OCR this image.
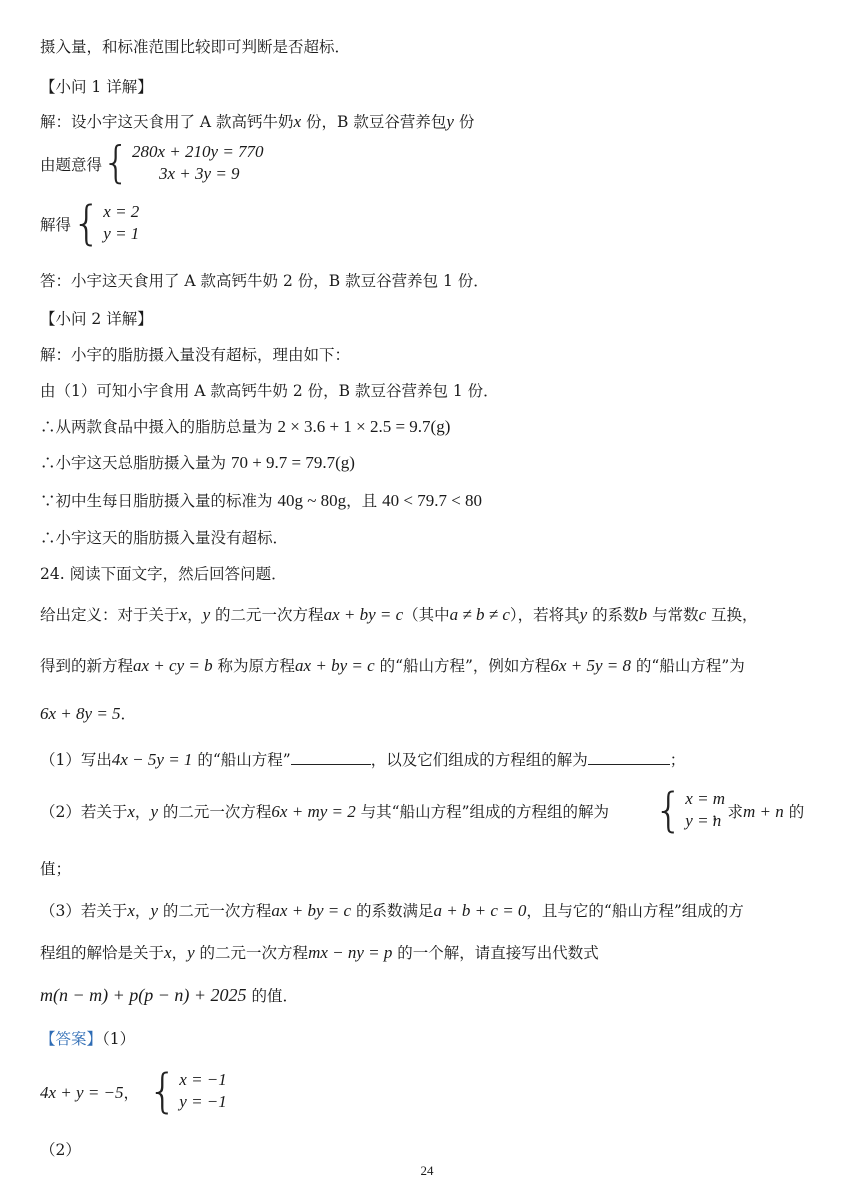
摄入量，和标准范围比较即可判断是否超标．
【小问 1 详解】
解：设小宇这天食用了 A 款高钙牛奶x 份，B 款豆谷营养包y 份
由题意得 { 280x + 210y = 770
3x + 3y = 9
解得 { x = 2
y = 1
答：小宇这天食用了 A 款高钙牛奶 2 份，B 款豆谷营养包 1 份．
【小问 2 详解】
解：小宇的脂肪摄入量没有超标，理由如下：
由（1）可知小宇食用 A 款高钙牛奶 2 份，B 款豆谷营养包 1 份．
∴从两款食品中摄入的脂肪总量为 2 × 3.6 + 1 × 2.5 = 9.7(g)
∴小宇这天总脂肪摄入量为 70 + 9.7 = 79.7(g)
∵初中生每日脂肪摄入量的标准为 40g ~ 80g，且 40 < 79.7 < 80
∴小宇这天的脂肪摄入量没有超标．
24. 阅读下面文字，然后回答问题．
给出定义：对于关于x，y 的二元一次方程ax + by = c（其中a ≠ b ≠ c），若将其y 的系数b 与常数c 互换，
得到的新方程ax + cy = b 称为原方程ax + by = c 的“船山方程”，例如方程6x + 5y = 8 的“船山方程”为
6x + 8y = 5．
（1）写出4x − 5y = 1 的“船山方程”	，以及它们组成的方程组的解为	；
（2）若关于x，y 的二元一次方程6x + my = 2 与其“船山方程”组成的方程组的解为 { x = m
y = n
，求m + n 的
值；
（3）若关于x，y 的二元一次方程ax + by = c 的系数满足a + b + c = 0，且与它的“船山方程”组成的方
程组的解恰是关于x，y 的二元一次方程mx − ny = p 的一个解，请直接写出代数式
m(n − m) + p(p − n) + 2025 的值．
【答案】（1）
4x + y = −5， { x = −1
y = −1
（2）
24
